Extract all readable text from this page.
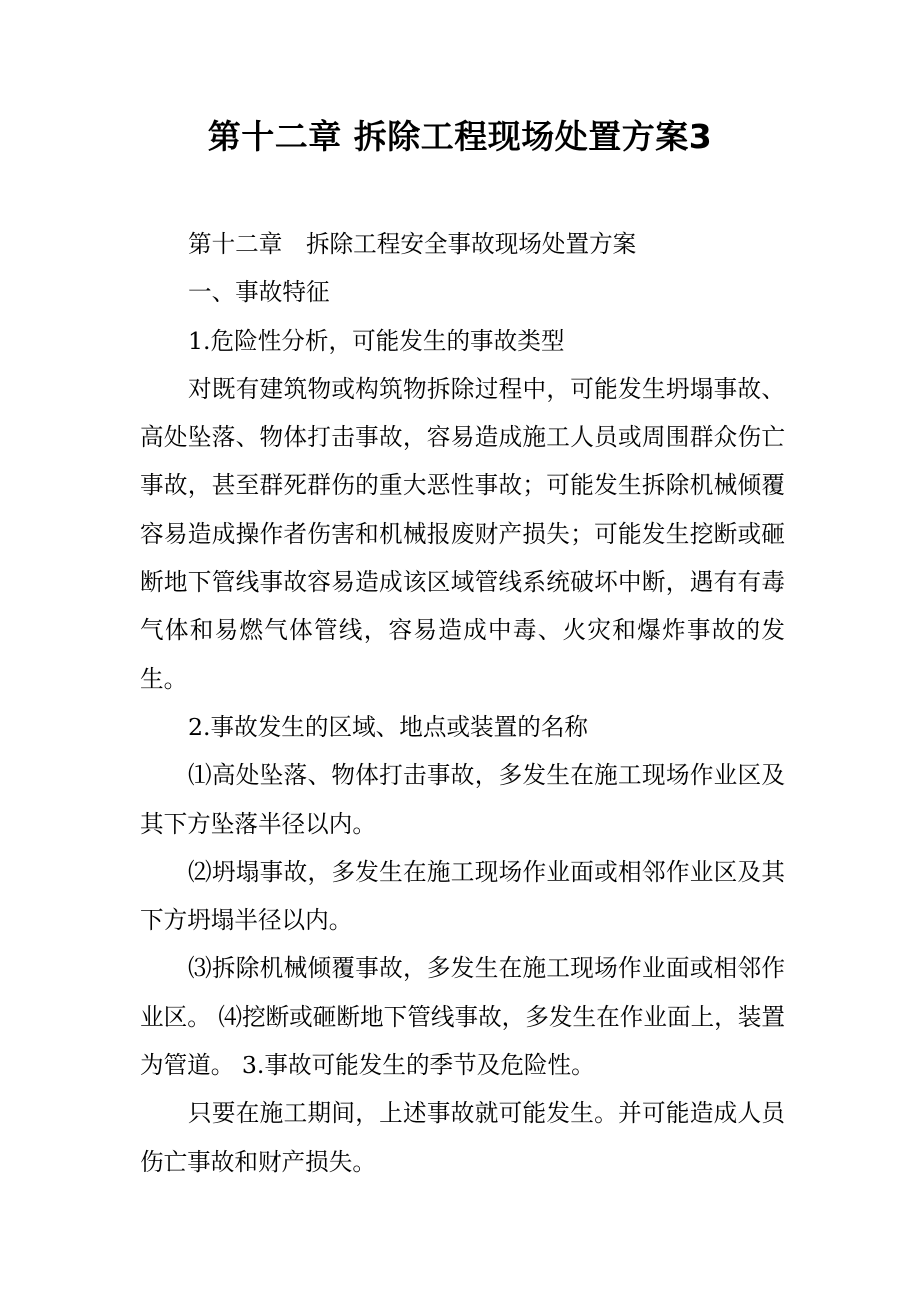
第十二章 拆除工程现场处置方案3

第十二章　拆除工程安全事故现场处置方案

一、事故特征

1.危险性分析，可能发生的事故类型

对既有建筑物或构筑物拆除过程中，可能发生坍塌事故、高处坠落、物体打击事故，容易造成施工人员或周围群众伤亡事故，甚至群死群伤的重大恶性事故；可能发生拆除机械倾覆容易造成操作者伤害和机械报废财产损失；可能发生挖断或砸断地下管线事故容易造成该区域管线系统破坏中断，遇有有毒气体和易燃气体管线，容易造成中毒、火灾和爆炸事故的发生。

2.事故发生的区域、地点或装置的名称

⑴高处坠落、物体打击事故，多发生在施工现场作业区及其下方坠落半径以内。

⑵坍塌事故，多发生在施工现场作业面或相邻作业区及其下方坍塌半径以内。

⑶拆除机械倾覆事故，多发生在施工现场作业面或相邻作业区。 ⑷挖断或砸断地下管线事故，多发生在作业面上，装置为管道。 3.事故可能发生的季节及危险性。

只要在施工期间，上述事故就可能发生。并可能造成人员伤亡事故和财产损失。
